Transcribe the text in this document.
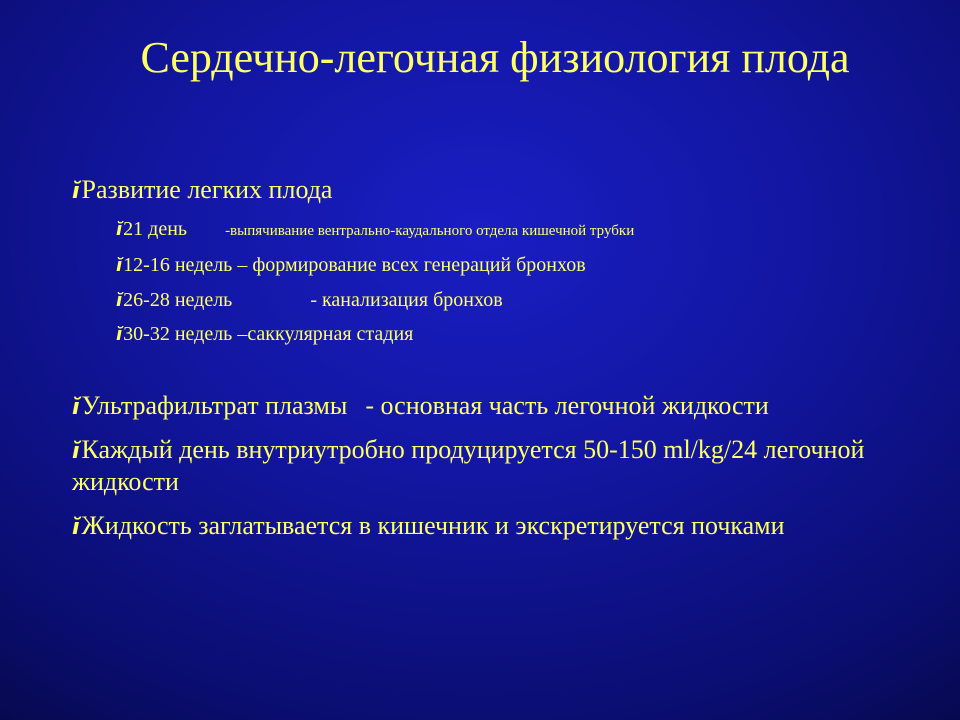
Сердечно-легочная физиология плода
ĭРазвитие легких плода
ĭ21 день	-выпячивание вентрально-каудального отдела кишечной трубки
ĭ12-16 недель – формирование всех генераций бронхов
ĭ26-28 недель	- канализация бронхов
ĭ30-32 недель –саккулярная стадия
ĭУльтрафильтрат плазмы - основная часть легочной жидкости
ĭКаждый день внутриутробно продуцируется 50-150 ml/kg/24 легочной жидкости
ĭЖидкость заглатывается в кишечник и экскретируется почками
